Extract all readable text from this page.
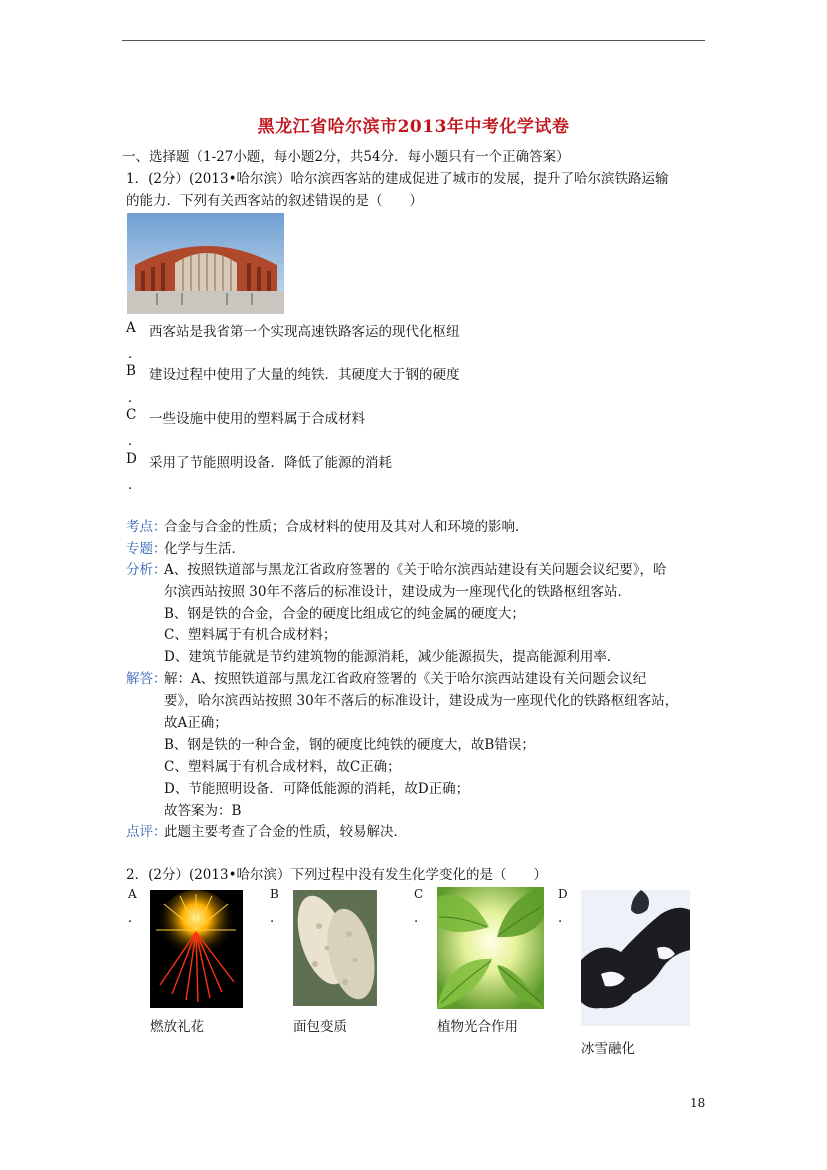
黑龙江省哈尔滨市2013年中考化学试卷
一、选择题（1-27小题，每小题2分，共54分．每小题只有一个正确答案）
1．(2分）(2013•哈尔滨）哈尔滨西客站的建成促进了城市的发展，提升了哈尔滨铁路运输
的能力．下列有关西客站的叙述错误的是（　　）
A 西客站是我省第一个实现高速铁路客运的现代化枢纽
．
B 建设过程中使用了大量的纯铁．其硬度大于钢的硬度
．
C 一些设施中使用的塑料属于合成材料
．
D 采用了节能照明设备．降低了能源的消耗
．
考点：
合金与合金的性质；合成材料的使用及其对人和环境的影响．
专题：
化学与生活．
分析：
A、按照铁道部与黑龙江省政府签署的《关于哈尔滨西站建设有关问题会议纪要》，哈
尔滨西站按照 30年不落后的标准设计，建设成为一座现代化的铁路枢纽客站．
B、钢是铁的合金，合金的硬度比组成它的纯金属的硬度大；
C、塑料属于有机合成材料；
D、建筑节能就是节约建筑物的能源消耗，减少能源损失，提高能源利用率．
解答：
解：A、按照铁道部与黑龙江省政府签署的《关于哈尔滨西站建设有关问题会议纪
要》，哈尔滨西站按照 30年不落后的标准设计，建设成为一座现代化的铁路枢纽客站，
故A正确；
B、钢是铁的一种合金，钢的硬度比纯铁的硬度大，故B错误；
C、塑料属于有机合成材料，故C正确；
D、节能照明设备．可降低能源的消耗，故D正确；
故答案为：B
点评：
此题主要考查了合金的性质，较易解决．
2．(2分）(2013•哈尔滨）下列过程中没有发生化学变化的是（　　）
A
．
燃放礼花
B
．
面包变质
C
．
植物光合作用
D
．
冰雪融化
18
